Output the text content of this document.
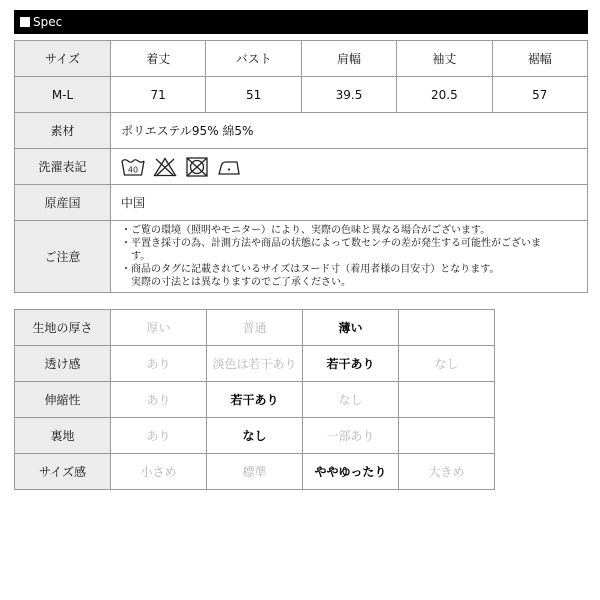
Spec
サイズ	着丈	バスト	肩幅	袖丈	裾幅
M-L	71	51	39.5	20.5	57
素材	ポリエステル95% 綿5%				
洗濯表記	40				

原産国	中国				
ご注意	・ご覧の環境（照明やモニター）により、実際の色味と異なる場合がございます。
・平置き採寸の為、計測方法や商品の状態によって数センチの差が発生する可能性がございま
　す。
・商品のタグに記載されているサイズはヌード寸（着用者様の目安寸）となります。
　実際の寸法とは異なりますのでご了承ください。				
生地の厚さ	厚い	普通	薄い	
透け感	あり	淡色は若干あり	若干あり	なし
伸縮性	あり	若干あり	なし	
裏地	あり	なし	一部あり	
サイズ感	小さめ	標準	ややゆったり	大きめ
